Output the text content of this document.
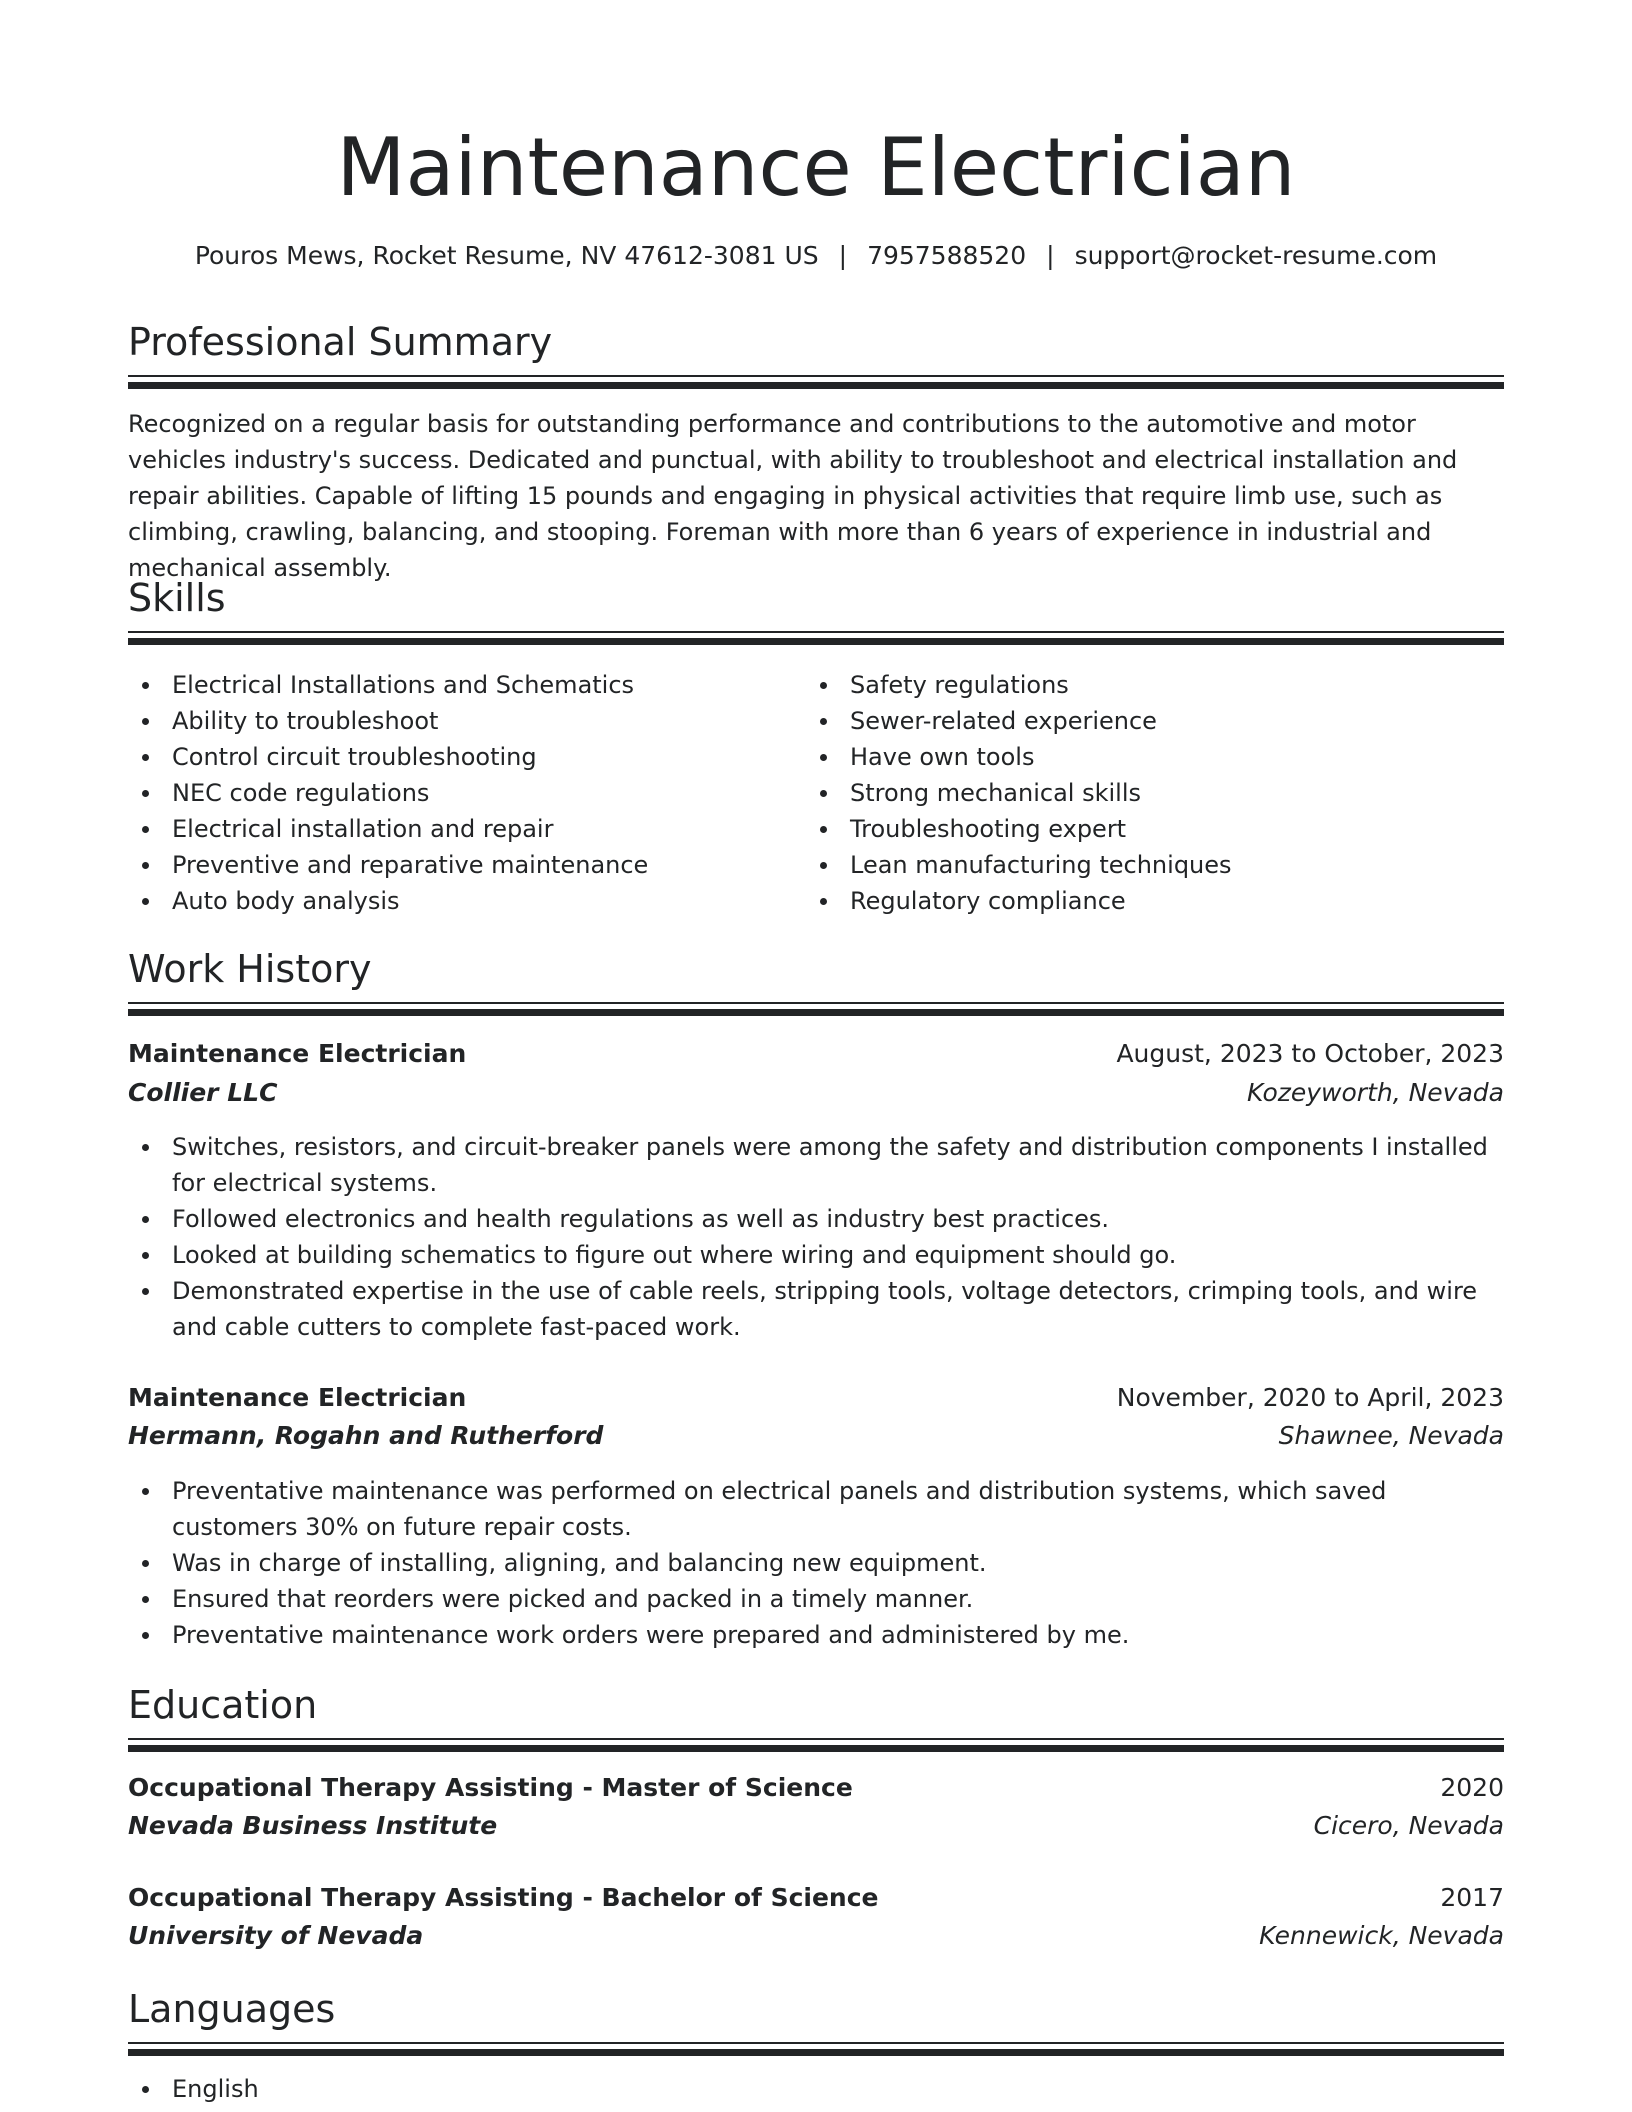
Maintenance Electrician
Pouros Mews, Rocket Resume, NV 47612-3081 US | 7957588520 | support@rocket-resume.com
Professional Summary

Recognized on a regular basis for outstanding performance and contributions to the automotive and motor vehicles industry's success. Dedicated and punctual, with ability to troubleshoot and electrical installation and repair abilities. Capable of lifting 15 pounds and engaging in physical activities that require limb use, such as climbing, crawling, balancing, and stooping. Foreman with more than 6 years of experience in industrial and mechanical assembly.

Skills
Electrical Installations and Schematics
Ability to troubleshoot
Control circuit troubleshooting
NEC code regulations
Electrical installation and repair
Preventive and reparative maintenance
Auto body analysis
Safety regulations
Sewer-related experience
Have own tools
Strong mechanical skills
Troubleshooting expert
Lean manufacturing techniques
Regulatory compliance
Work History
Maintenance Electrician	August, 2023 to October, 2023
Collier LLC	Kozeyworth, Nevada
Switches, resistors, and circuit-breaker panels were among the safety and distribution components I installed for electrical systems.
Followed electronics and health regulations as well as industry best practices.
Looked at building schematics to figure out where wiring and equipment should go.
Demonstrated expertise in the use of cable reels, stripping tools, voltage detectors, crimping tools, and wire and cable cutters to complete fast-paced work.
Maintenance Electrician	November, 2020 to April, 2023
Hermann, Rogahn and Rutherford	Shawnee, Nevada
Preventative maintenance was performed on electrical panels and distribution systems, which saved customers 30% on future repair costs.
Was in charge of installing, aligning, and balancing new equipment.
Ensured that reorders were picked and packed in a timely manner.
Preventative maintenance work orders were prepared and administered by me.
Education
Occupational Therapy Assisting - Master of Science	2020
Nevada Business Institute	Cicero, Nevada
Occupational Therapy Assisting - Bachelor of Science	2017
University of Nevada	Kennewick, Nevada
Languages
English
